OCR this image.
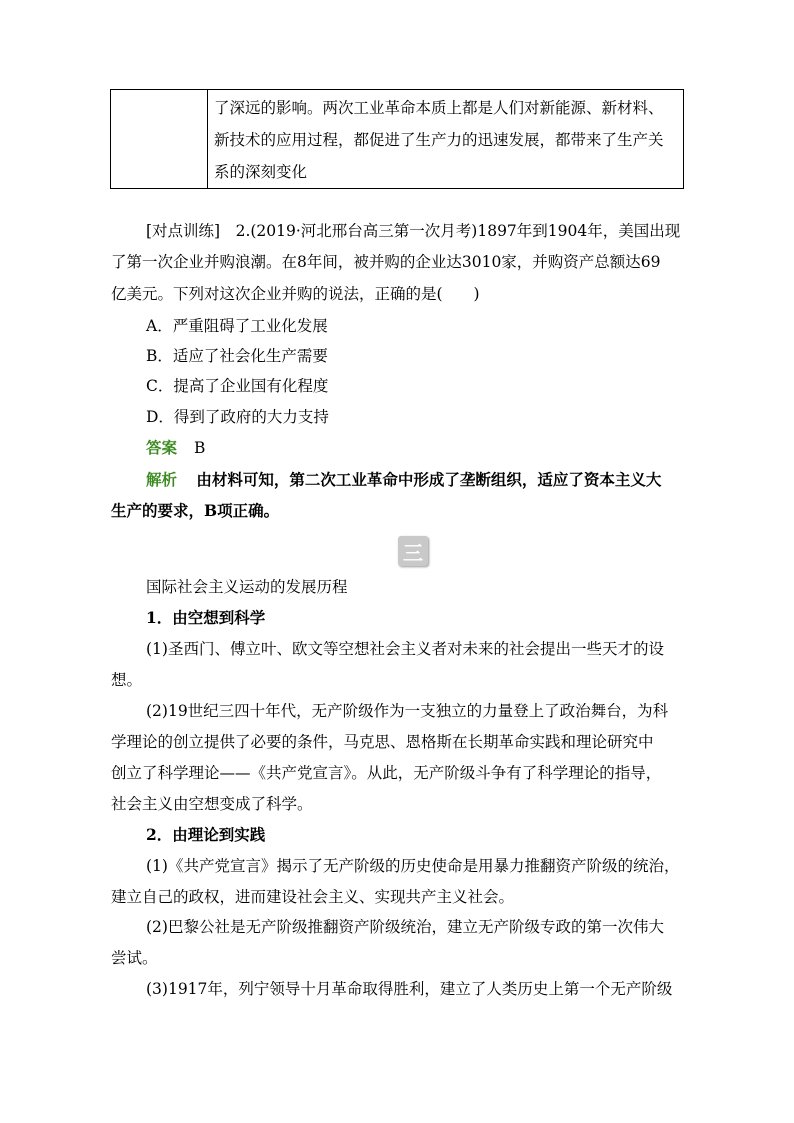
了深远的影响。两次工业革命本质上都是人们对新能源、新材料、
新技术的应用过程，都促进了生产力的迅速发展，都带来了生产关
系的深刻变化
[对点训练]　2.(2019·河北邢台高三第一次月考)1897年到1904年，美国出现
了第一次企业并购浪潮。在8年间，被并购的企业达3010家，并购资产总额达69
亿美元。下列对这次企业并购的说法，正确的是(　　)
A．严重阻碍了工业化发展
B．适应了社会化生产需要
C．提高了企业国有化程度
D．得到了政府的大力支持
答案 B
解析 由材料可知，第二次工业革命中形成了垄断组织，适应了资本主义大
生产的要求，B项正确。
三
国际社会主义运动的发展历程
1．由空想到科学
(1)圣西门、傅立叶、欧文等空想社会主义者对未来的社会提出一些天才的设
想。
(2)19世纪三四十年代，无产阶级作为一支独立的力量登上了政治舞台，为科
学理论的创立提供了必要的条件，马克思、恩格斯在长期革命实践和理论研究中
创立了科学理论——《共产党宣言》。从此，无产阶级斗争有了科学理论的指导，
社会主义由空想变成了科学。
2．由理论到实践
(1)《共产党宣言》揭示了无产阶级的历史使命是用暴力推翻资产阶级的统治，
建立自己的政权，进而建设社会主义、实现共产主义社会。
(2)巴黎公社是无产阶级推翻资产阶级统治，建立无产阶级专政的第一次伟大
尝试。
(3)1917年，列宁领导十月革命取得胜利，建立了人类历史上第一个无产阶级
